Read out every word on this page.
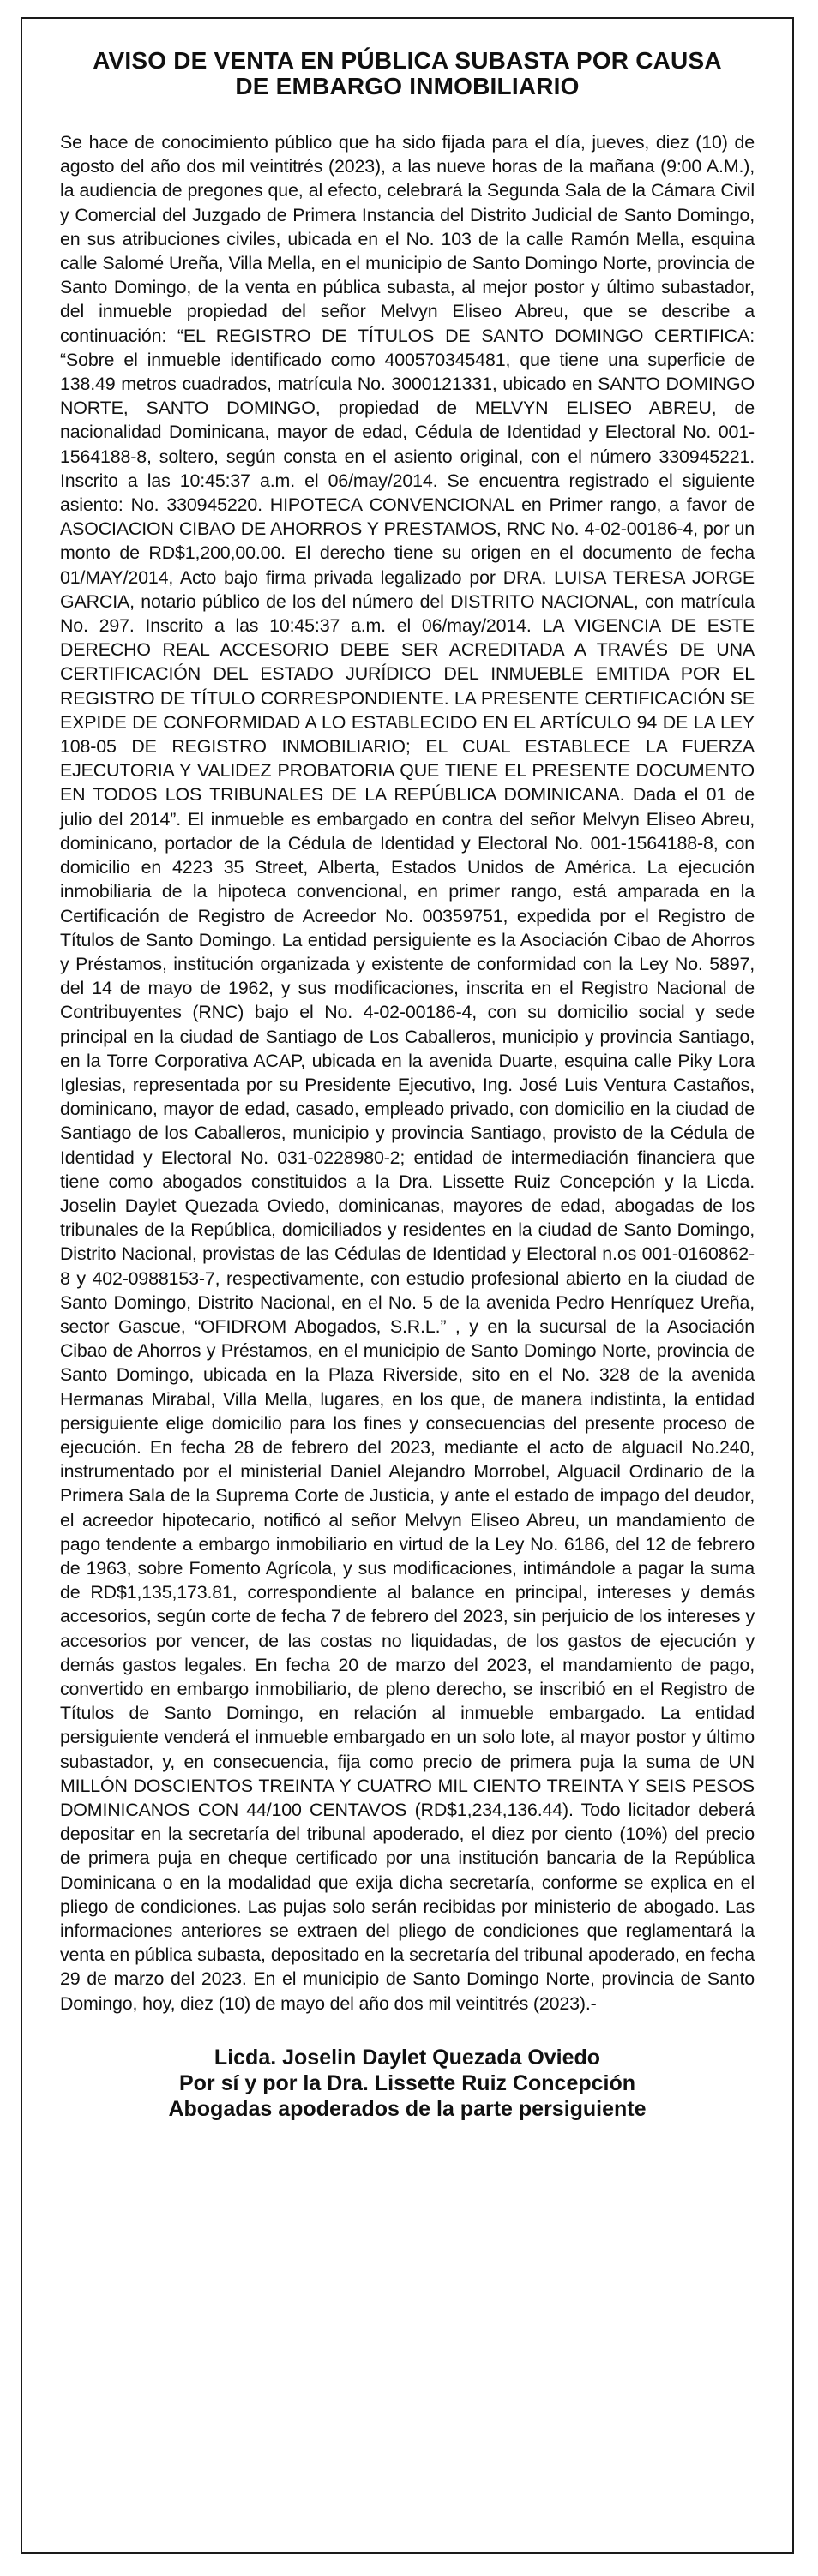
AVISO DE VENTA EN PÚBLICA SUBASTA POR CAUSA
DE EMBARGO INMOBILIARIO

Se hace de conocimiento público que ha sido fijada para el día, jueves, diez (10) de agosto del año dos mil veintitrés (2023), a las nueve horas de la mañana (9:00 A.M.), la audiencia de pregones que, al efecto, celebrará la Segunda Sala de la Cámara Civil y Comercial del Juzgado de Primera Instancia del Distrito Judicial de Santo Domingo, en sus atribuciones civiles, ubicada en el No. 103 de la calle Ramón Mella, esquina calle Salomé Ureña, Villa Mella, en el municipio de Santo Domingo Norte, provincia de Santo Domingo, de la venta en pública subasta, al mejor postor y último subastador, del inmueble propiedad del señor Melvyn Eliseo Abreu, que se describe a continuación: “EL REGISTRO DE TÍTULOS DE SANTO DOMINGO CERTIFICA: “Sobre el inmueble identificado como 400570345481, que tiene una superficie de 138.49 metros cuadrados, matrícula No. 3000121331, ubicado en SANTO DOMINGO NORTE, SANTO DOMINGO, propiedad de MELVYN ELISEO ABREU, de nacionalidad Dominicana, mayor de edad, Cédula de Identidad y Electoral No. 001-1564188-8, soltero, según consta en el asiento original, con el número 330945221. Inscrito a las 10:45:37 a.m. el 06/may/2014. Se encuentra registrado el siguiente asiento: No. 330945220. HIPOTECA CONVENCIONAL en Primer rango, a favor de ASOCIACION CIBAO DE AHORROS Y PRESTAMOS, RNC No. 4-02-00186-4, por un monto de RD$1,200,00.00. El derecho tiene su origen en el documento de fecha 01/MAY/2014, Acto bajo firma privada legalizado por DRA. LUISA TERESA JORGE GARCIA, notario público de los del número del DISTRITO NACIONAL, con matrícula No. 297. Inscrito a las 10:45:37 a.m. el 06/may/2014. LA VIGENCIA DE ESTE DERECHO REAL ACCESORIO DEBE SER ACREDITADA A TRAVÉS DE UNA CERTIFICACIÓN DEL ESTADO JURÍDICO DEL INMUEBLE EMITIDA POR EL REGISTRO DE TÍTULO CORRESPONDIENTE. LA PRESENTE CERTIFICACIÓN SE EXPIDE DE CONFORMIDAD A LO ESTABLECIDO EN EL ARTÍCULO 94 DE LA LEY 108-05 DE REGISTRO INMOBILIARIO; EL CUAL ESTABLECE LA FUERZA EJECUTORIA Y VALIDEZ PROBATORIA QUE TIENE EL PRESENTE DOCUMENTO EN TODOS LOS TRIBUNALES DE LA REPÚBLICA DOMINICANA. Dada el 01 de julio del 2014”. El inmueble es embargado en contra del señor Melvyn Eliseo Abreu, dominicano, portador de la Cédula de Identidad y Electoral No. 001-1564188-8, con domicilio en 4223 35 Street, Alberta, Estados Unidos de América. La ejecución inmobiliaria de la hipoteca convencional, en primer rango, está amparada en la Certificación de Registro de Acreedor No. 00359751, expedida por el Registro de Títulos de Santo Domingo. La entidad persiguiente es la Asociación Cibao de Ahorros y Préstamos, institución organizada y existente de conformidad con la Ley No. 5897, del 14 de mayo de 1962, y sus modificaciones, inscrita en el Registro Nacional de Contribuyentes (RNC) bajo el No. 4-02-00186-4, con su domicilio social y sede principal en la ciudad de Santiago de Los Caballeros, municipio y provincia Santiago, en la Torre Corporativa ACAP, ubicada en la avenida Duarte, esquina calle Piky Lora Iglesias, representada por su Presidente Ejecutivo, Ing. José Luis Ventura Castaños, dominicano, mayor de edad, casado, empleado privado, con domicilio en la ciudad de Santiago de los Caballeros, municipio y provincia Santiago, provisto de la Cédula de Identidad y Electoral No. 031-0228980-2; entidad de intermediación financiera que tiene como abogados constituidos a la Dra. Lissette Ruiz Concepción y la Licda. Joselin Daylet Quezada Oviedo, dominicanas, mayores de edad, abogadas de los tribunales de la República, domiciliados y residentes en la ciudad de Santo Domingo, Distrito Nacional, provistas de las Cédulas de Identidad y Electoral n.os 001-0160862-8 y 402-0988153-7, respectivamente, con estudio profesional abierto en la ciudad de Santo Domingo, Distrito Nacional, en el No. 5 de la avenida Pedro Henríquez Ureña, sector Gascue, “OFIDROM Abogados, S.R.L.” , y en la sucursal de la Asociación Cibao de Ahorros y Préstamos, en el municipio de Santo Domingo Norte, provincia de Santo Domingo, ubicada en la Plaza Riverside, sito en el No. 328 de la avenida Hermanas Mirabal, Villa Mella, lugares, en los que, de manera indistinta, la entidad persiguiente elige domicilio para los fines y consecuencias del presente proceso de ejecución. En fecha 28 de febrero del 2023, mediante el acto de alguacil No.240, instrumentado por el ministerial Daniel Alejandro Morrobel, Alguacil Ordinario de la Primera Sala de la Suprema Corte de Justicia, y ante el estado de impago del deudor, el acreedor hipotecario, notificó al señor Melvyn Eliseo Abreu, un mandamiento de pago tendente a embargo inmobiliario en virtud de la Ley No. 6186, del 12 de febrero de 1963, sobre Fomento Agrícola, y sus modificaciones, intimándole a pagar la suma de RD$1,135,173.81, correspondiente al balance en principal, intereses y demás accesorios, según corte de fecha 7 de febrero del 2023, sin perjuicio de los intereses y accesorios por vencer, de las costas no liquidadas, de los gastos de ejecución y demás gastos legales. En fecha 20 de marzo del 2023, el mandamiento de pago, convertido en embargo inmobiliario, de pleno derecho, se inscribió en el Registro de Títulos de Santo Domingo, en relación al inmueble embargado. La entidad persiguiente venderá el inmueble embargado en un solo lote, al mayor postor y último subastador, y, en consecuencia, fija como precio de primera puja la suma de UN MILLÓN DOSCIENTOS TREINTA Y CUATRO MIL CIENTO TREINTA Y SEIS PESOS DOMINICANOS CON 44/100 CENTAVOS (RD$1,234,136.44). Todo licitador deberá depositar en la secretaría del tribunal apoderado, el diez por ciento (10%) del precio de primera puja en cheque certificado por una institución bancaria de la República Dominicana o en la modalidad que exija dicha secretaría, conforme se explica en el pliego de condiciones. Las pujas solo serán recibidas por ministerio de abogado. Las informaciones anteriores se extraen del pliego de condiciones que reglamentará la venta en pública subasta, depositado en la secretaría del tribunal apoderado, en fecha 29 de marzo del 2023. En el municipio de Santo Domingo Norte, provincia de Santo Domingo, hoy, diez (10) de mayo del año dos mil veintitrés (2023).-

Licda. Joselin Daylet Quezada Oviedo
Por sí y por la Dra. Lissette Ruiz Concepción
Abogadas apoderados de la parte persiguiente
